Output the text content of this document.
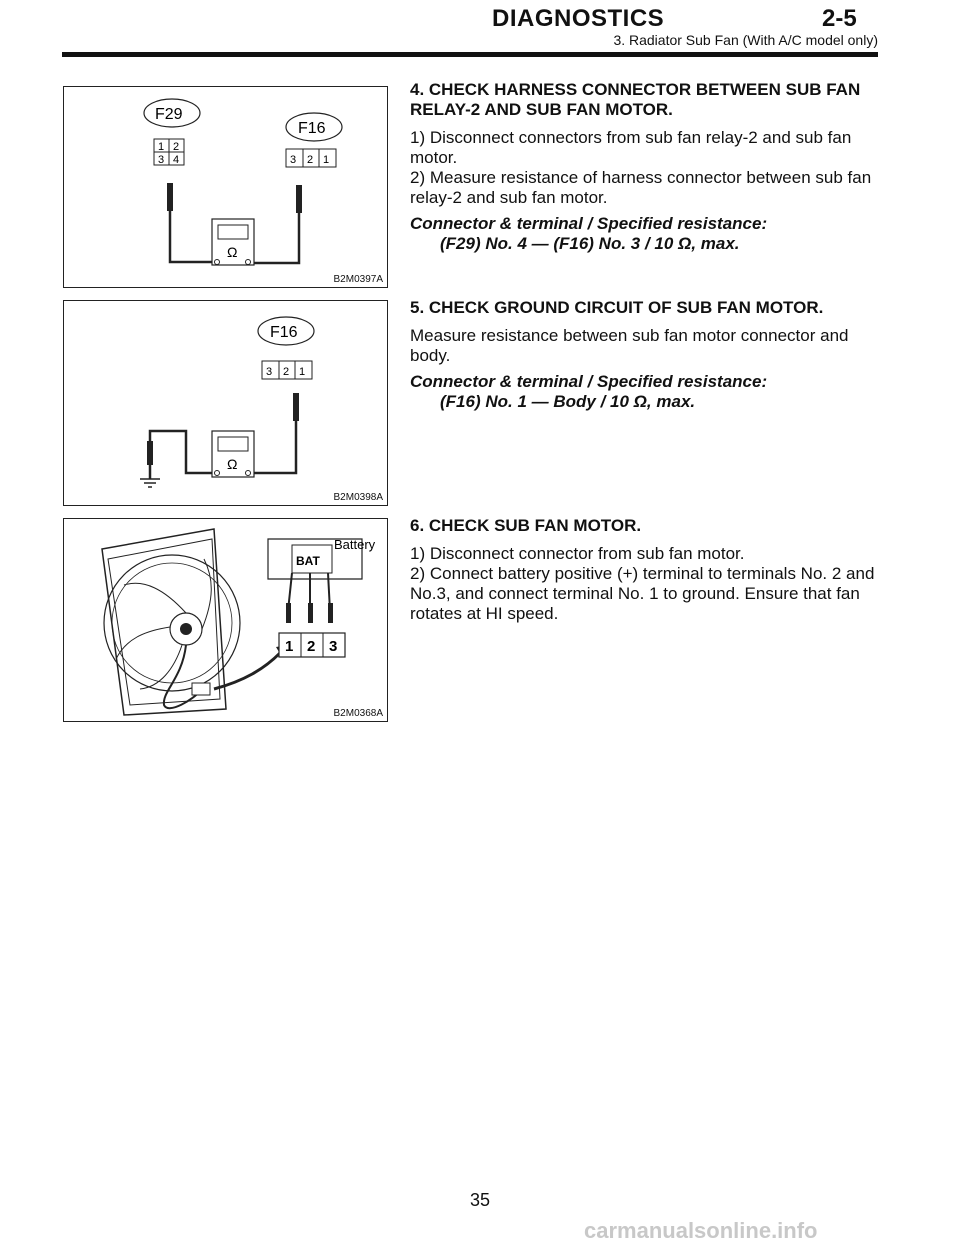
DIAGNOSTICS	2-5
3. Radiator Sub Fan (With A/C model only)
F29
1 2
3 4
F16
3 2 1
Ω
B2M0397A
F16
3 2 1
Ω
B2M0398A
BAT
Battery
1 2 3
B2M0368A
4. CHECK HARNESS CONNECTOR BETWEEN SUB FAN RELAY-2 AND SUB FAN MOTOR.

1) Disconnect connectors from sub fan relay-2 and sub fan motor.

2) Measure resistance of harness connector between sub fan relay-2 and sub fan motor.

Connector & terminal / Specified resistance:
(F29) No. 4 — (F16) No. 3 / 10 Ω, max.
5. CHECK GROUND CIRCUIT OF SUB FAN MOTOR.

Measure resistance between sub fan motor connector and body.

Connector & terminal / Specified resistance:
(F16) No. 1 — Body / 10 Ω, max.
6. CHECK SUB FAN MOTOR.

1) Disconnect connector from sub fan motor.

2) Connect battery positive (+) terminal to terminals No. 2 and No.3, and connect terminal No. 1 to ground. Ensure that fan rotates at HI speed.

35
carmanualsonline.info
